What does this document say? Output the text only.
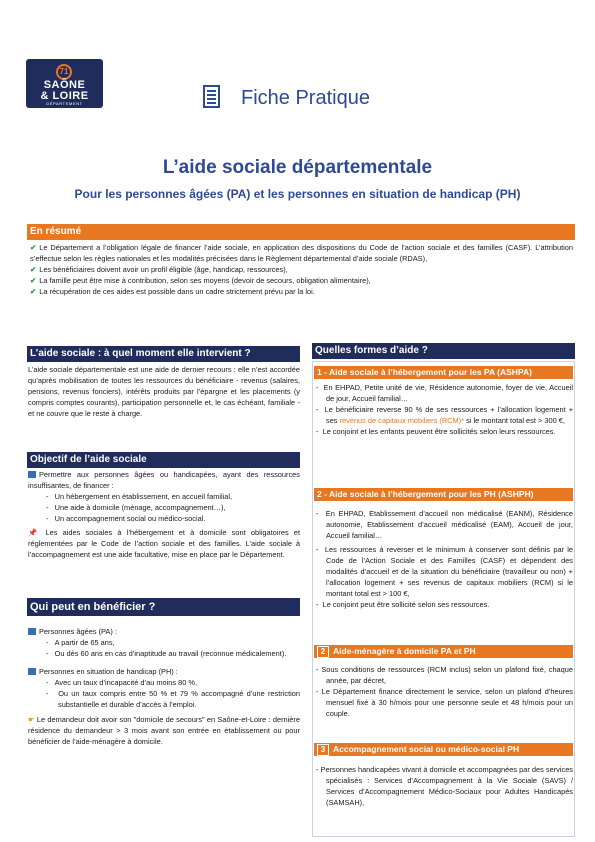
71
SAÔNE
& LOIRE
DÉPARTEMENT	Fiche Pratique
L’aide sociale départementale
Pour les personnes âgées (PA) et les personnes en situation de handicap (PH)
En résumé
✔ Le Département a l’obligation légale de financer l’aide sociale, en application des dispositions du Code de l’action sociale et des familles (CASF). L’attribution s’effectue selon les règles nationales et les modalités précisées dans le Règlement départemental d’aide sociale (RDAS),
✔ Les bénéficiaires doivent avoir un profil éligible (âge, handicap, ressources),
✔ La famille peut être mise à contribution, selon ses moyens (devoir de secours, obligation alimentaire),
✔ La récupération de ces aides est possible dans un cadre strictement prévu par la loi.
L’aide sociale : à quel moment elle intervient ?
L’aide sociale départementale est une aide de dernier recours : elle n’est accordée qu’après mobilisation de toutes les ressources du bénéficiaire - revenus (salaires, pensions, revenus fonciers), intérêts produits par l’épargne et les placements (y compris comptes courants), participation personnelle et, le cas échéant, familiale - et ne couvre que le reste à charge.
Objectif de l’aide sociale
Permettre aux personnes âgées ou handicapées, ayant des ressources insuffisantes, de financer :
-   Un hébergement en établissement, en accueil familial,
-   Une aide à domicile (ménage, accompagnement…),
-   Un accompagnement social ou médico-social.
📌 Les aides sociales à l’hébergement et à domicile sont obligatoires et réglementées par le Code de l’action sociale et des familles. L’aide sociale à l’accompagnement est une aide facultative, mise en place par le Département.
Qui peut en bénéficier ?
Personnes âgées (PA) :
-   A partir de 65 ans,
-   Ou dès 60 ans en cas d’inaptitude au travail (reconnue médicalement).
Personnes en situation de handicap (PH) :
-   Avec un taux d’incapacité d’au moins 80 %,
-   Ou un taux compris entre 50 % et 79 % accompagné d’une restriction substantielle et durable d’accès à l’emploi.
☛ Le demandeur doit avoir son "domicile de secours" en Saône-et-Loire : dernière résidence du demandeur > 3 mois avant son entrée en établissement ou pour bénéficier de l’aide-ménagère à domicile.
Quelles formes d’aide ?
1 - Aide sociale à l’hébergement pour les PA (ASHPA)
-  En EHPAD, Petite unité de vie, Résidence autonomie, foyer de vie, Accueil de jour, Accueil familial…
-  Le bénéficiaire reverse 90 % de ses ressources + l’allocation logement + ses revenus de capitaux mobiliers (RCM)* si le montant total est > 300 €,
-  Le conjoint et les enfants peuvent être sollicités selon leurs ressources.
2 - Aide sociale à l’hébergement pour les PH (ASHPH)
-  En EHPAD, Etablissement d’accueil non médicalisé (EANM), Résidence autonomie, Etablissement d’accueil médicalisé (EAM), Accueil de jour, Accueil familial…
-  Les ressources à reverser et le minimum à conserver sont définis par le Code de l’Action Sociale et des Familles (CASF) et dépendent des modalités d’accueil et de la situation du bénéficiaire (travailleur ou non) + l’allocation logement + ses revenus de capitaux mobiliers (RCM) si le montant total est > 100 €,
-  Le conjoint peut être sollicité selon ses ressources.
2 Aide-ménagère à domicile PA et PH
- Sous conditions de ressources (RCM inclus) selon un plafond fixé, chaque année, par décret,
- Le Département finance directement le service, selon un plafond d’heures mensuel fixé à 30 h/mois pour une personne seule et 48 h/mois pour un couple.
3 Accompagnement social ou médico-social PH
- Personnes handicapées vivant à domicile et accompagnées par des services spécialisés : Services d’Accompagnement à la Vie Sociale (SAVS) / Services d’Accompagnement Médico-Sociaux pour Adultes Handicapés (SAMSAH),
